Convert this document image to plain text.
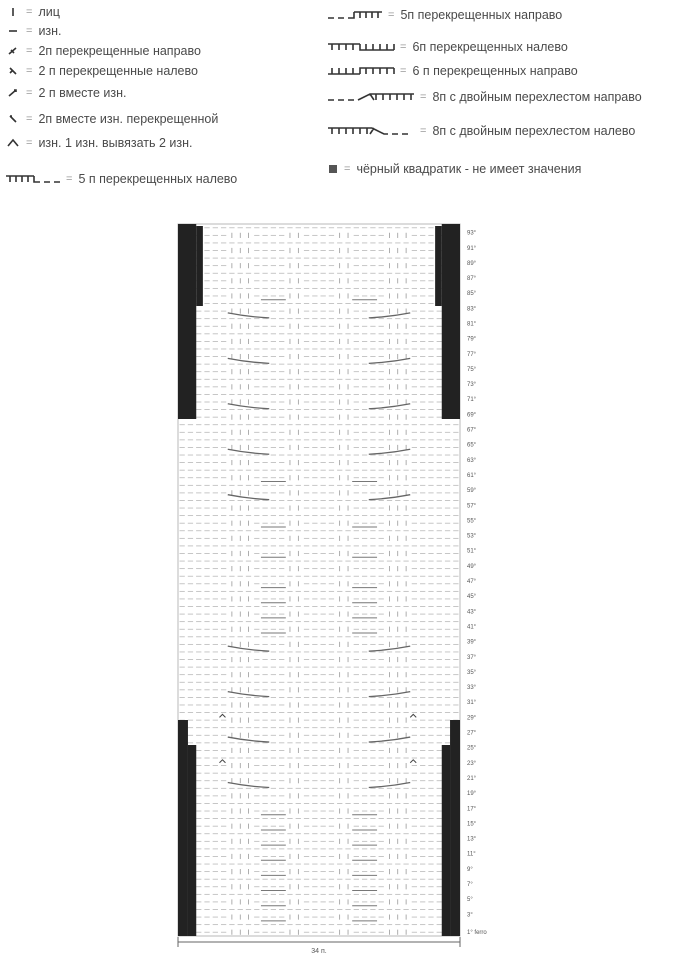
= лиц
= изн.
= 2п перекрещенные направо
= 2 п перекрещенные налево
= 2 п вместе изн.
= 2п вместе изн. перекрещенной
= изн. 1 изн. вывязать 2 изн.
= 5 п перекрещенных налево
= 5п перекрещенных направо
= 6п перекрещенных налево
= 6 п перекрещенных направо
= 8п с двойным перехлестом направо
= 8п с двойным перехлестом налево
= чёрный квадратик - не имеет значения
93°
91°
89°
87°
85°
83°
81°
79°
77°
75°
73°
71°
69°
67°
65°
63°
61°
59°
57°
55°
53°
51°
49°
47°
45°
43°
41°
39°
37°
35°
33°
31°
29°
27°
25°
23°
21°
19°
17°
15°
13°
11°
9°
7°
5°
3°
34 п.
1° ferro
